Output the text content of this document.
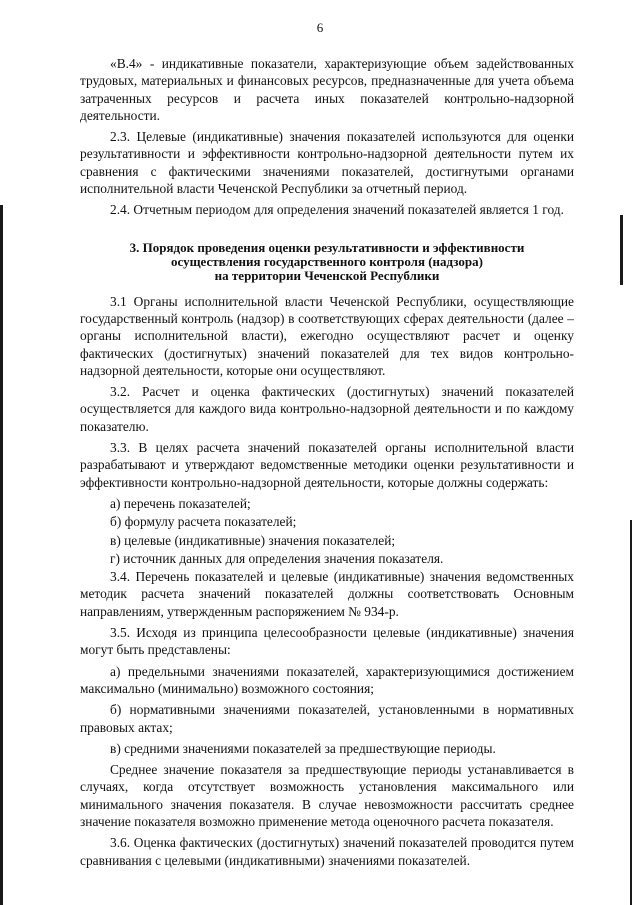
6

«В.4» - индикативные показатели, характеризующие объем задействованных трудовых, материальных и финансовых ресурсов, предназначенные для учета объема затраченных ресурсов и расчета иных показателей контрольно-надзорной деятельности.

2.3. Целевые (индикативные) значения показателей используются для оценки результативности и эффективности контрольно-надзорной деятельности путем их сравнения с фактическими значениями показателей, достигнутыми органами исполнительной власти Чеченской Республики за отчетный период.

2.4. Отчетным периодом для определения значений показателей является 1 год.

3. Порядок проведения оценки результативности и эффективности
осуществления государственного контроля (надзора)
на территории Чеченской Республики

3.1 Органы исполнительной власти Чеченской Республики, осуществляющие государственный контроль (надзор) в соответствующих сферах деятельности (далее – органы исполнительной власти), ежегодно осуществляют расчет и оценку фактических (достигнутых) значений показателей для тех видов контрольно-надзорной деятельности, которые они осуществляют.

3.2. Расчет и оценка фактических (достигнутых) значений показателей осуществляется для каждого вида контрольно-надзорной деятельности и по каждому показателю.

3.3. В целях расчета значений показателей органы исполнительной власти разрабатывают и утверждают ведомственные методики оценки результативности и эффективности контрольно-надзорной деятельности, которые должны содержать:

а) перечень показателей;
б) формулу расчета показателей;
в) целевые (индикативные) значения показателей;
г) источник данных для определения значения показателя.

3.4. Перечень показателей и целевые (индикативные) значения ведомственных методик расчета значений показателей должны соответствовать Основным направлениям, утвержденным распоряжением № 934-р.

3.5. Исходя из принципа целесообразности целевые (индикативные) значения могут быть представлены:

а) предельными значениями показателей, характеризующимися достижением максимально (минимально) возможного состояния;

б) нормативными значениями показателей, установленными в нормативных правовых актах;

в) средними значениями показателей за предшествующие периоды.

Среднее значение показателя за предшествующие периоды устанавливается в случаях, когда отсутствует возможность установления максимального или минимального значения показателя. В случае невозможности рассчитать среднее значение показателя возможно применение метода оценочного расчета показателя.

3.6. Оценка фактических (достигнутых) значений показателей проводится путем сравнивания с целевыми (индикативными) значениями показателей.
